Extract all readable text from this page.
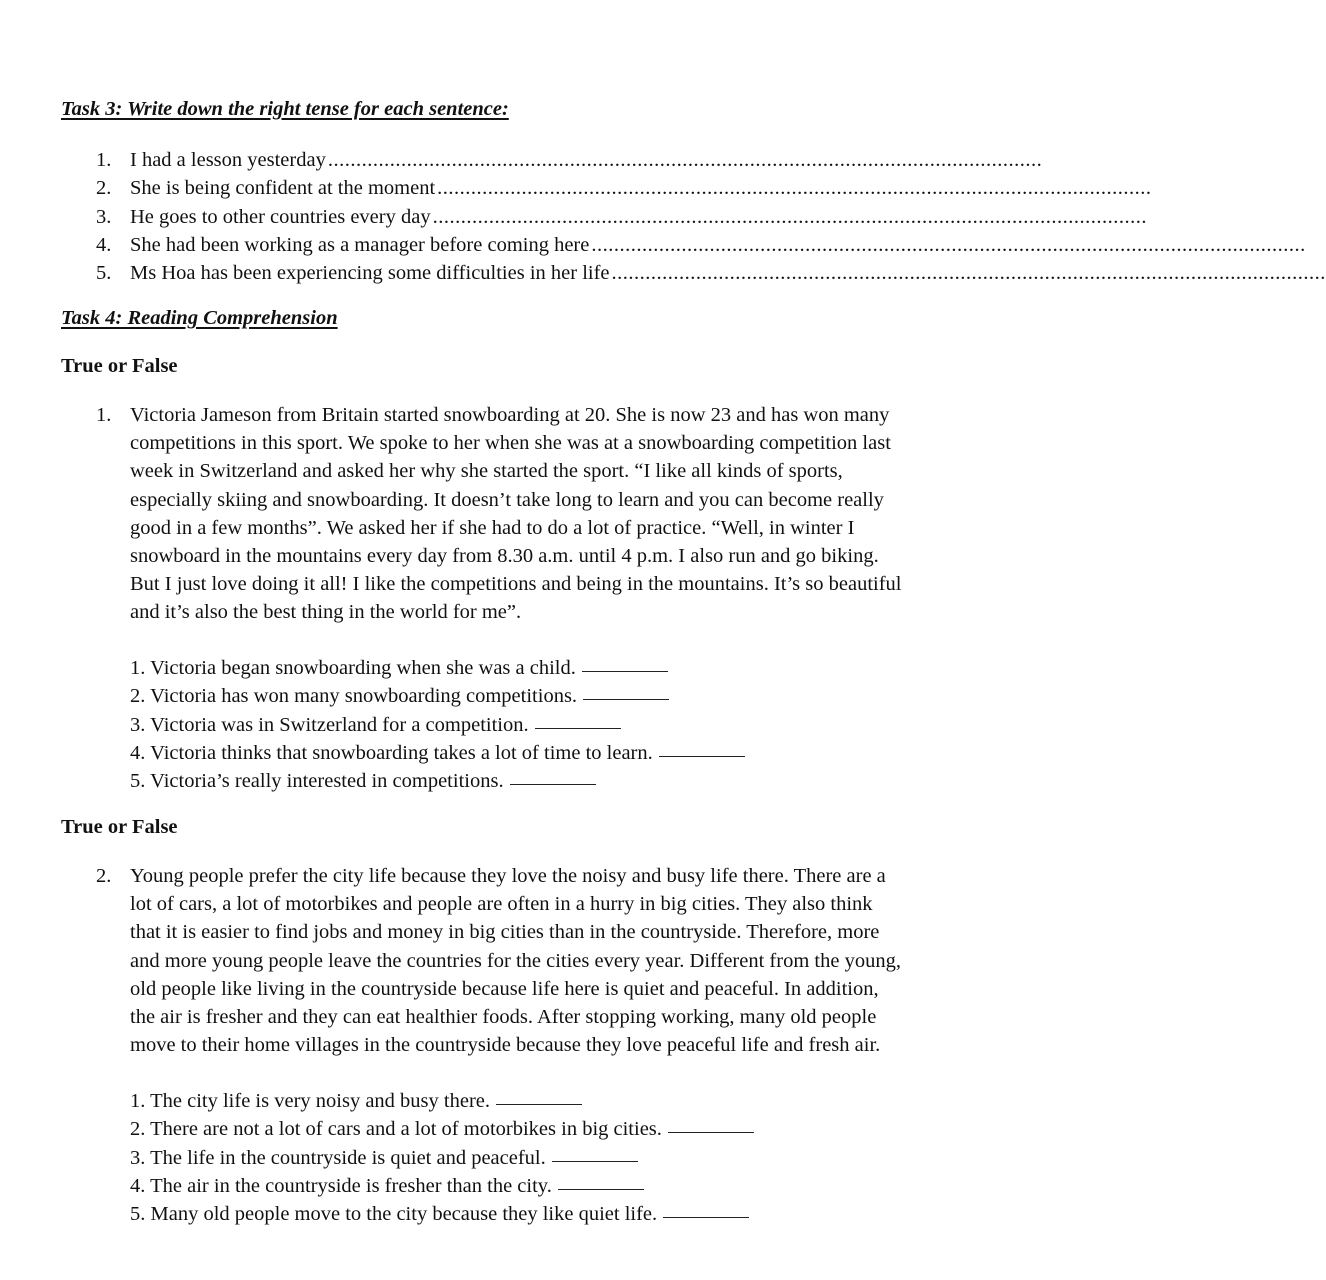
Task 3: Write down the right tense for each sentence:
1. I had a lesson yesterday ...............................................................................................................................
2. She is being confident at the moment ...............................................................................................................................
3. He goes to other countries every day ...............................................................................................................................
4. She had been working as a manager before coming here ...............................................................................................................................
5. Ms Hoa has been experiencing some difficulties in her life ...............................................................................................................................
Task 4: Reading Comprehension
True or False
1. Victoria Jameson from Britain started snowboarding at 20. She is now 23 and has won many
competitions in this sport. We spoke to her when she was at a snowboarding competition last
week in Switzerland and asked her why she started the sport. “I like all kinds of sports,
especially skiing and snowboarding. It doesn’t take long to learn and you can become really
good in a few months”. We asked her if she had to do a lot of practice. “Well, in winter I
snowboard in the mountains every day from 8.30 a.m. until 4 p.m. I also run and go biking.
But I just love doing it all! I like the competitions and being in the mountains. It’s so beautiful
and it’s also the best thing in the world for me”.
1. Victoria began snowboarding when she was a child.
2. Victoria has won many snowboarding competitions.
3. Victoria was in Switzerland for a competition.
4. Victoria thinks that snowboarding takes a lot of time to learn.
5. Victoria’s really interested in competitions.
True or False
2. Young people prefer the city life because they love the noisy and busy life there. There are a
lot of cars, a lot of motorbikes and people are often in a hurry in big cities. They also think
that it is easier to find jobs and money in big cities than in the countryside. Therefore, more
and more young people leave the countries for the cities every year. Different from the young,
old people like living in the countryside because life here is quiet and peaceful. In addition,
the air is fresher and they can eat healthier foods. After stopping working, many old people
move to their home villages in the countryside because they love peaceful life and fresh air.
1. The city life is very noisy and busy there.
2. There are not a lot of cars and a lot of motorbikes in big cities.
3. The life in the countryside is quiet and peaceful.
4. The air in the countryside is fresher than the city.
5. Many old people move to the city because they like quiet life.
